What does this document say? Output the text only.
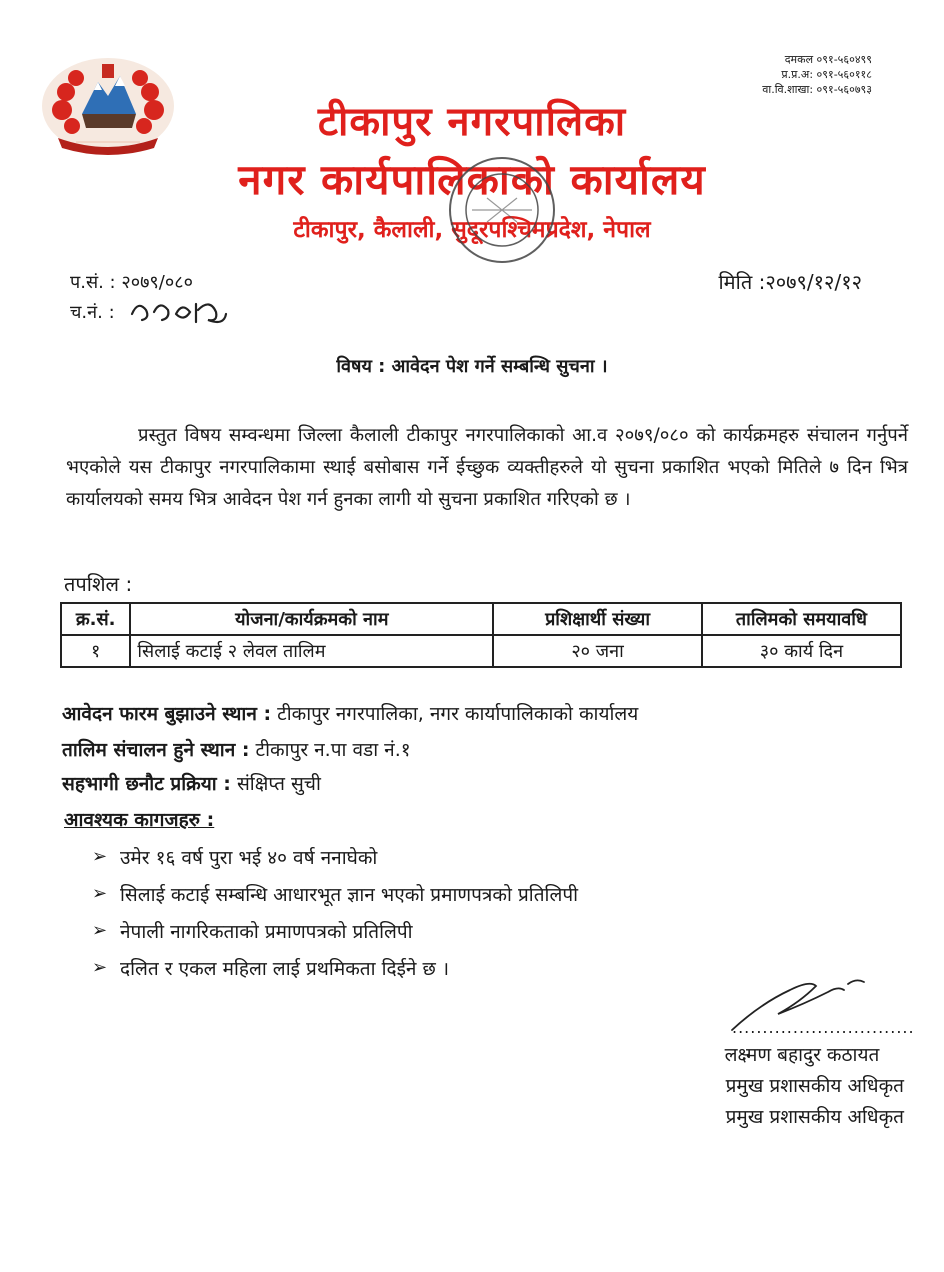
दमकल ०९१-५६०४९९
प्र.प्र.अ: ०९१-५६०११८
वा.वि.शाखा: ०९१-५६०७९३
टीकापुर नगरपालिका
नगर कार्यपालिकाको कार्यालय
टीकापुर, कैलाली, सुदूरपश्चिमप्रदेश, नेपाल
प.सं. : २०७९/०८०
च.नं. :
मिति :२०७९/१२/१२
विषय : आवेदन पेश गर्ने सम्बन्धि सुचना ।
प्रस्तुत विषय सम्वन्धमा जिल्ला कैलाली टीकापुर नगरपालिकाको आ.व २०७९/०८० को कार्यक्रमहरु संचालन गर्नुपर्ने भएकोले यस टीकापुर नगरपालिकामा स्थाई बसोबास गर्ने ईच्छुक व्यक्तीहरुले यो सुचना प्रकाशित भएको मितिले ७ दिन भित्र कार्यालयको समय भित्र आवेदन पेश गर्न हुनका लागी यो सुचना प्रकाशित गरिएको छ ।
तपशिल :
क्र.सं.	योजना/कार्यक्रमको नाम	प्रशिक्षार्थी संख्या	तालिमको समयावधि
१	सिलाई कटाई २ लेवल तालिम	२० जना	३० कार्य दिन
आवेदन फारम बुझाउने स्थान : टीकापुर नगरपालिका, नगर कार्यापालिकाको कार्यालय
तालिम संचालन हुने स्थान : टीकापुर न.पा वडा नं.१
सहभागी छनौट प्रक्रिया : संक्षिप्त सुची
आवश्यक कागजहरु :
➢ उमेर १६ वर्ष पुरा भई ४० वर्ष ननाघेको
➢ सिलाई कटाई सम्बन्धि आधारभूत ज्ञान भएको प्रमाणपत्रको प्रतिलिपी
➢ नेपाली नागरिकताको प्रमाणपत्रको प्रतिलिपी
➢ दलित र एकल महिला लाई प्रथमिकता दिईने छ ।
..............................
लक्ष्मण बहादुर कठायत
प्रमुख प्रशासकीय अधिकृत
प्रमुख प्रशासकीय अधिकृत
